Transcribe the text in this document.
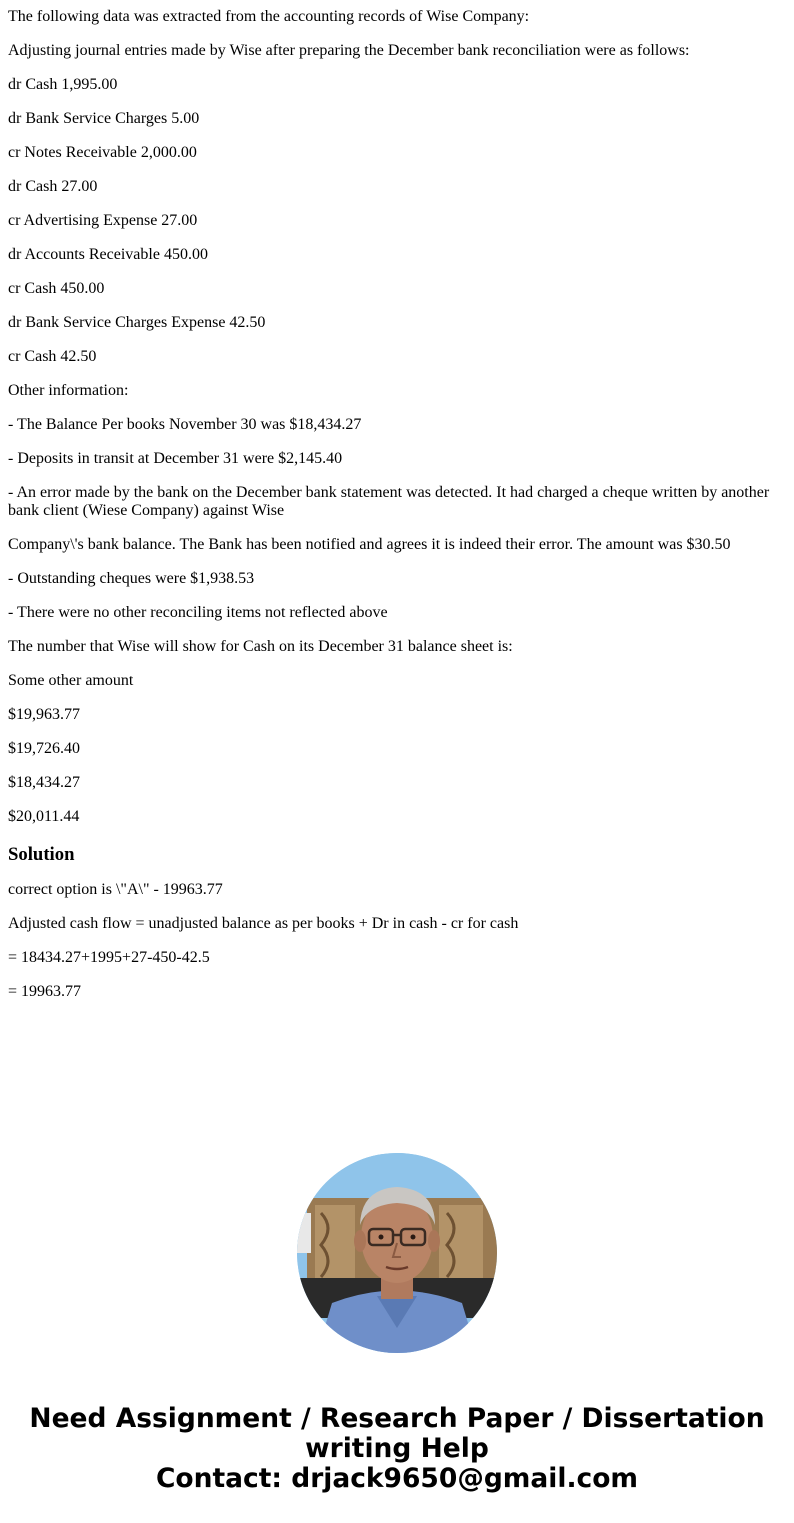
The following data was extracted from the accounting records of Wise Company:

Adjusting journal entries made by Wise after preparing the December bank reconciliation were as follows:

dr Cash 1,995.00

dr Bank Service Charges 5.00

cr Notes Receivable 2,000.00

dr Cash 27.00

cr Advertising Expense 27.00

dr Accounts Receivable 450.00

cr Cash 450.00

dr Bank Service Charges Expense 42.50

cr Cash 42.50

Other information:

- The Balance Per books November 30 was $18,434.27

- Deposits in transit at December 31 were $2,145.40

- An error made by the bank on the December bank statement was detected. It had charged a cheque written by another bank client (Wiese Company) against Wise

Company\'s bank balance. The Bank has been notified and agrees it is indeed their error. The amount was $30.50

- Outstanding cheques were $1,938.53

- There were no other reconciling items not reflected above

The number that Wise will show for Cash on its December 31 balance sheet is:

Some other amount

$19,963.77

$19,726.40

$18,434.27

$20,011.44

Solution

correct option is \"A\" - 19963.77

Adjusted cash flow = unadjusted balance as per books + Dr in cash - cr for cash

= 18434.27+1995+27-450-42.5

= 19963.77

Need Assignment / Research Paper / Dissertation writing Help
Contact: drjack9650@gmail.com
